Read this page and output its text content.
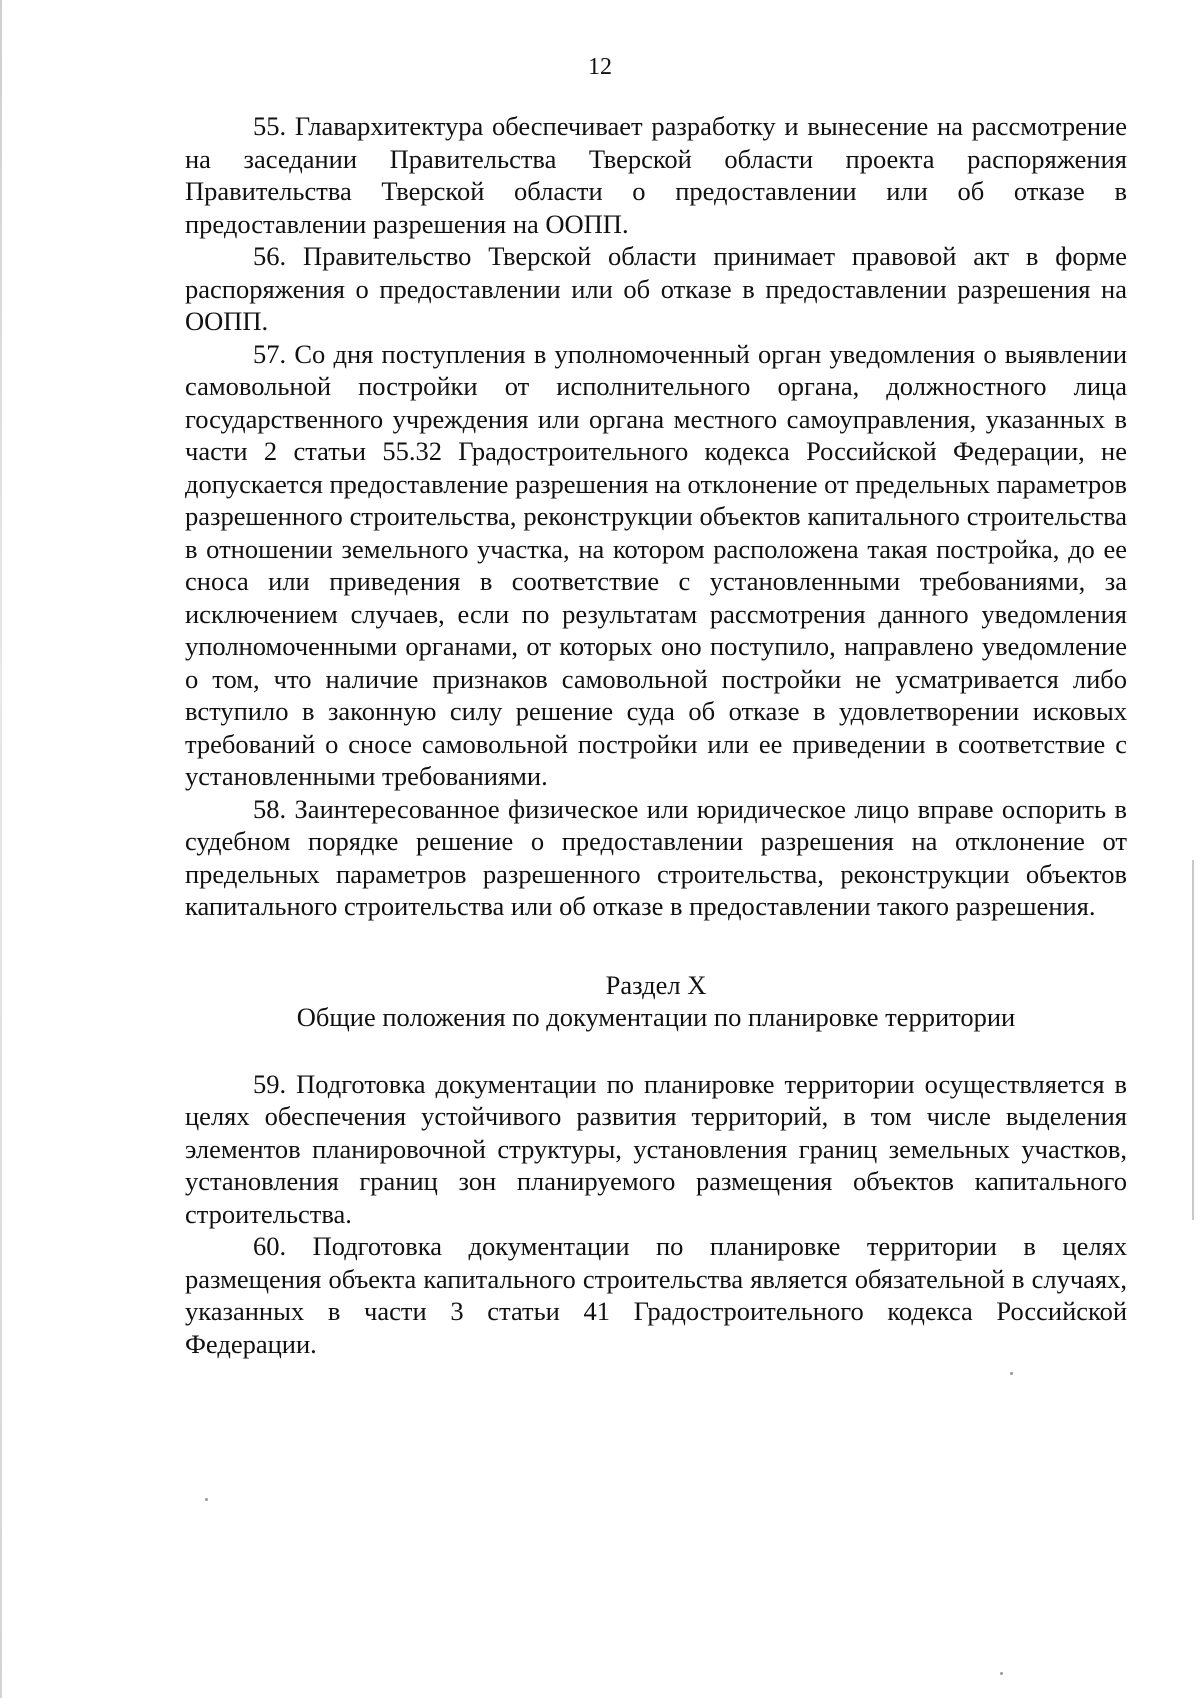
12

55. Главархитектура обеспечивает разработку и вынесение на рассмотрение на заседании Правительства Тверской области проекта распоряжения Правительства Тверской области о предоставлении или об отказе в предоставлении разрешения на ООПП.

56. Правительство Тверской области принимает правовой акт в форме распоряжения о предоставлении или об отказе в предоставлении разрешения на ООПП.

57. Со дня поступления в уполномоченный орган уведомления о выявлении самовольной постройки от исполнительного органа, должностного лица государственного учреждения или органа местного самоуправления, указанных в части 2 статьи 55.32 Градостроительного кодекса Российской Федерации, не допускается предоставление разрешения на отклонение от предельных параметров разрешенного строительства, реконструкции объектов капитального строительства в отношении земельного участка, на котором расположена такая постройка, до ее сноса или приведения в соответствие с установленными требованиями, за исключением случаев, если по результатам рассмотрения данного уведомления уполномоченными органами, от которых оно поступило, направлено уведомление о том, что наличие признаков самовольной постройки не усматривается либо вступило в законную силу решение суда об отказе в удовлетворении исковых требований о сносе самовольной постройки или ее приведении в соответствие с установленными требованиями.

58. Заинтересованное физическое или юридическое лицо вправе оспорить в судебном порядке решение о предоставлении разрешения на отклонение от предельных параметров разрешенного строительства, реконструкции объектов капитального строительства или об отказе в предоставлении такого разрешения.

Раздел X
Общие положения по документации по планировке территории

59. Подготовка документации по планировке территории осуществляется в целях обеспечения устойчивого развития территорий, в том числе выделения элементов планировочной структуры, установления границ земельных участков, установления границ зон планируемого размещения объектов капитального строительства.

60. Подготовка документации по планировке территории в целях размещения объекта капитального строительства является обязательной в случаях, указанных в части 3 статьи 41 Градостроительного кодекса Российской Федерации.
